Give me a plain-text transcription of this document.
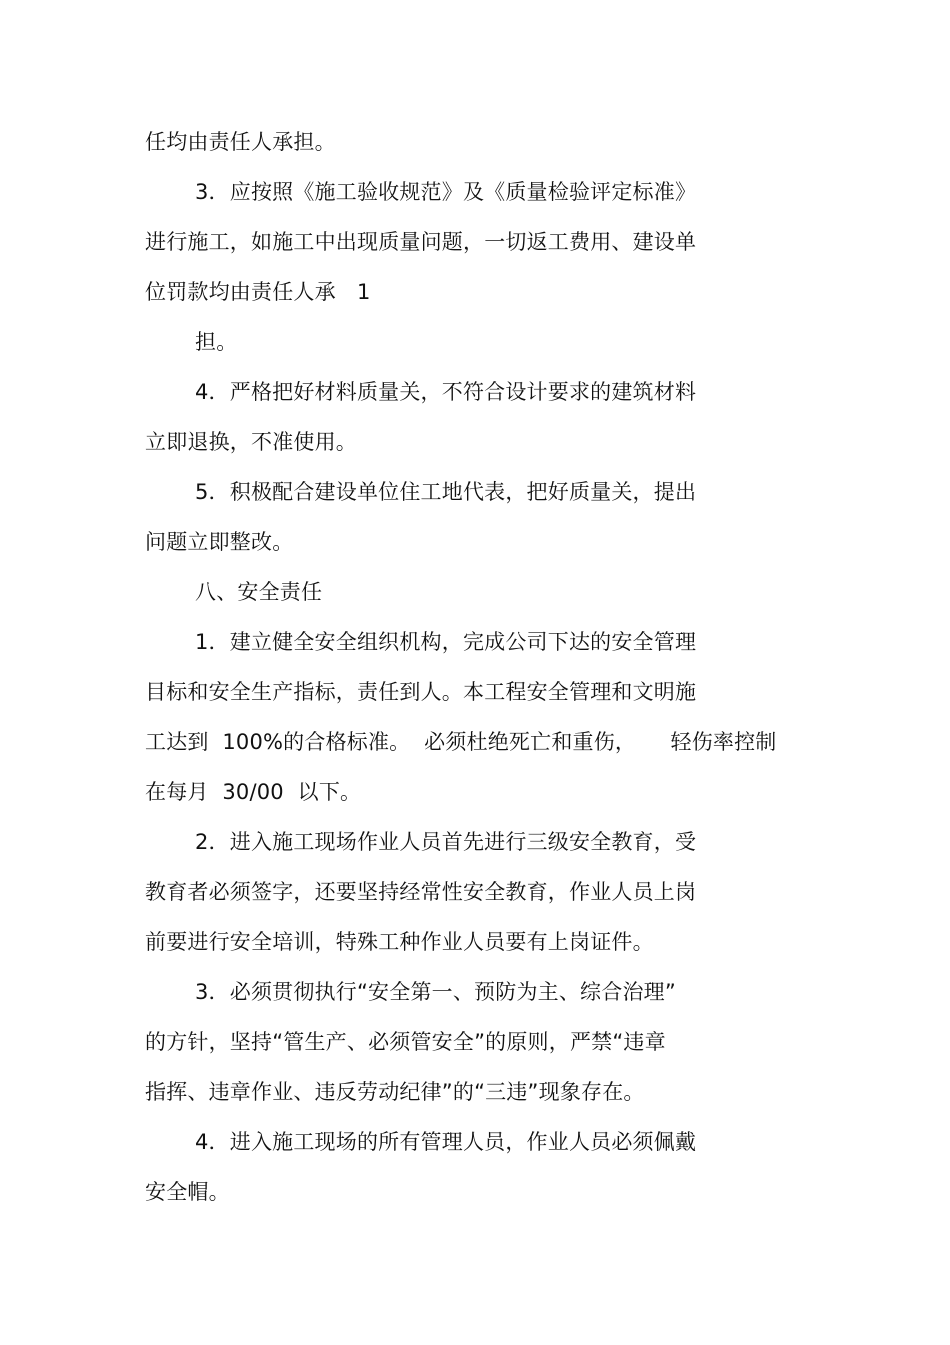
任均由责任人承担。
3．应按照《施工验收规范》及《质量检验评定标准》
进行施工，如施工中出现质量问题，一切返工费用、建设单
位罚款均由责任人承　1
担。
4．严格把好材料质量关，不符合设计要求的建筑材料
立即退换，不准使用。
5．积极配合建设单位住工地代表，把好质量关，提出
问题立即整改。
八、安全责任
1．建立健全安全组织机构，完成公司下达的安全管理
目标和安全生产指标，责任到人。本工程安全管理和文明施
工达到  100%的合格标准。  必须杜绝死亡和重伤，     轻伤率控制
在每月  30/00  以下。
2．进入施工现场作业人员首先进行三级安全教育，受
教育者必须签字，还要坚持经常性安全教育，作业人员上岗
前要进行安全培训，特殊工种作业人员要有上岗证件。
3．必须贯彻执行“安全第一、预防为主、综合治理”
的方针，坚持“管生产、必须管安全”的原则，严禁“违章
指挥、违章作业、违反劳动纪律”的“三违”现象存在。
4．进入施工现场的所有管理人员，作业人员必须佩戴
安全帽。
